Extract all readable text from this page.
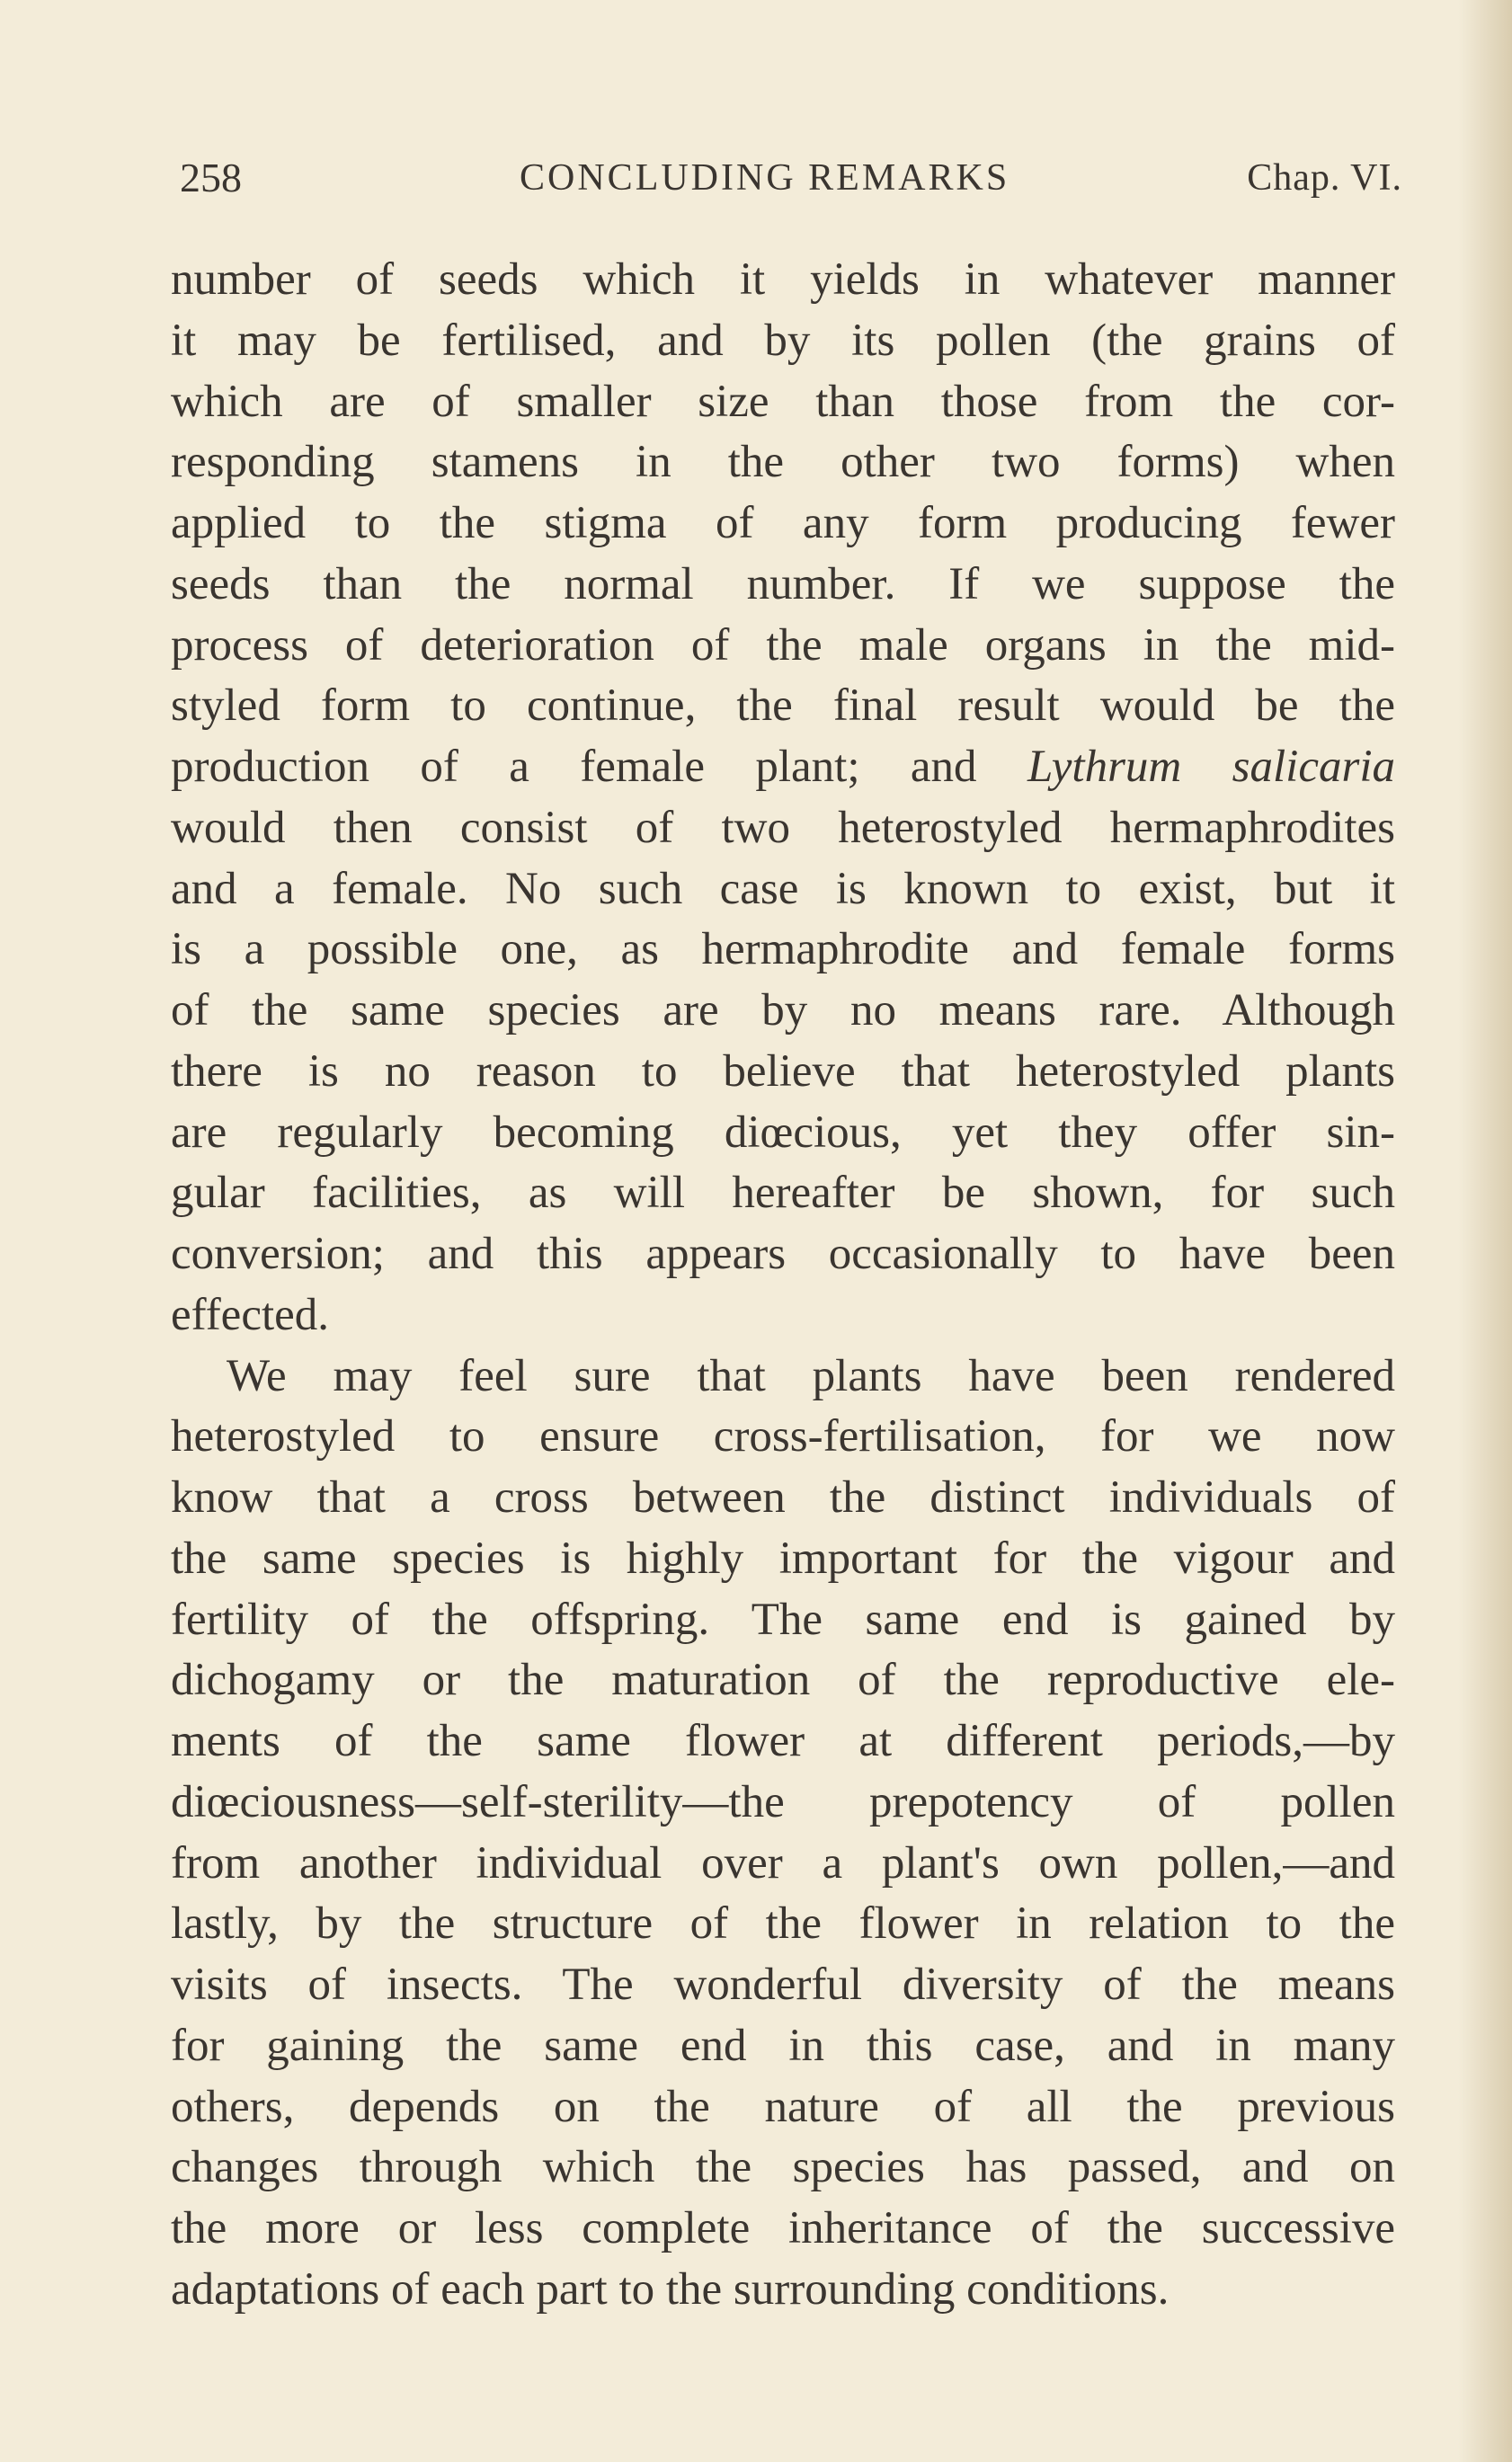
258	CONCLUDING REMARKS	Chap. VI.
number of seeds which it yields in whatever manner
it may be fertilised, and by its pollen (the grains of
which are of smaller size than those from the cor-
responding stamens in the other two forms) when
applied to the stigma of any form producing fewer
seeds than the normal number. If we suppose the
process of deterioration of the male organs in the mid-
styled form to continue, the final result would be the
production of a female plant; and Lythrum salicaria
would then consist of two heterostyled hermaphrodites
and a female. No such case is known to exist, but it
is a possible one, as hermaphrodite and female forms
of the same species are by no means rare. Although
there is no reason to believe that heterostyled plants
are regularly becoming diœcious, yet they offer sin-
gular facilities, as will hereafter be shown, for such
conversion; and this appears occasionally to have been
effected.
We may feel sure that plants have been rendered
heterostyled to ensure cross-fertilisation, for we now
know that a cross between the distinct individuals of
the same species is highly important for the vigour and
fertility of the offspring. The same end is gained by
dichogamy or the maturation of the reproductive ele-
ments of the same flower at different periods,—by
diœciousness—self-sterility—the prepotency of pollen
from another individual over a plant's own pollen,—and
lastly, by the structure of the flower in relation to the
visits of insects. The wonderful diversity of the means
for gaining the same end in this case, and in many
others, depends on the nature of all the previous
changes through which the species has passed, and on
the more or less complete inheritance of the successive
adaptations of each part to the surrounding conditions.
